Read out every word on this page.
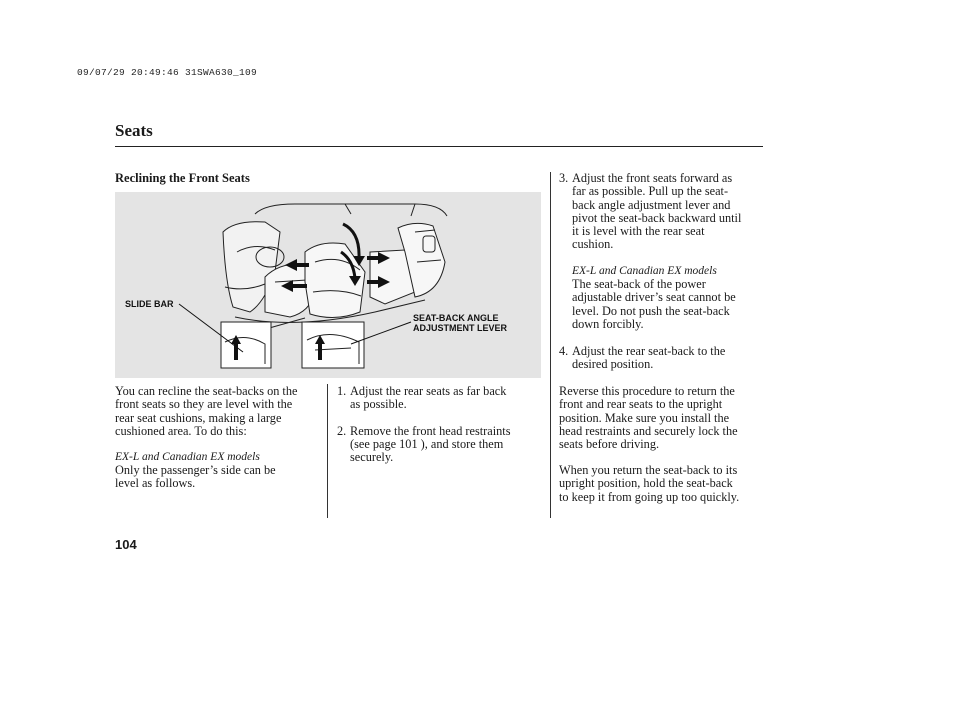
09/07/29 20:49:46 31SWA630_109
Seats
Reclining the Front Seats
SLIDE BAR
SEAT-BACK ANGLE
ADJUSTMENT LEVER
You can recline the seat-backs on the
front seats so they are level with the
rear seat cushions, making a large
cushioned area. To do this:
EX-L and Canadian EX models
Only the passenger’s side can be
level as follows.
1. Adjust the rear seats as far back
as possible.
2. Remove the front head restraints
(see page 101 ), and store them
securely.
3. Adjust the front seats forward as
far as possible. Pull up the seat-
back angle adjustment lever and
pivot the seat-back backward until
it is level with the rear seat
cushion.
EX-L and Canadian EX models
The seat-back of the power
adjustable driver’s seat cannot be
level. Do not push the seat-back
down forcibly.
4. Adjust the rear seat-back to the
desired position.
Reverse this procedure to return the
front and rear seats to the upright
position. Make sure you install the
head restraints and securely lock the
seats before driving.
When you return the seat-back to its
upright position, hold the seat-back
to keep it from going up too quickly.
104
